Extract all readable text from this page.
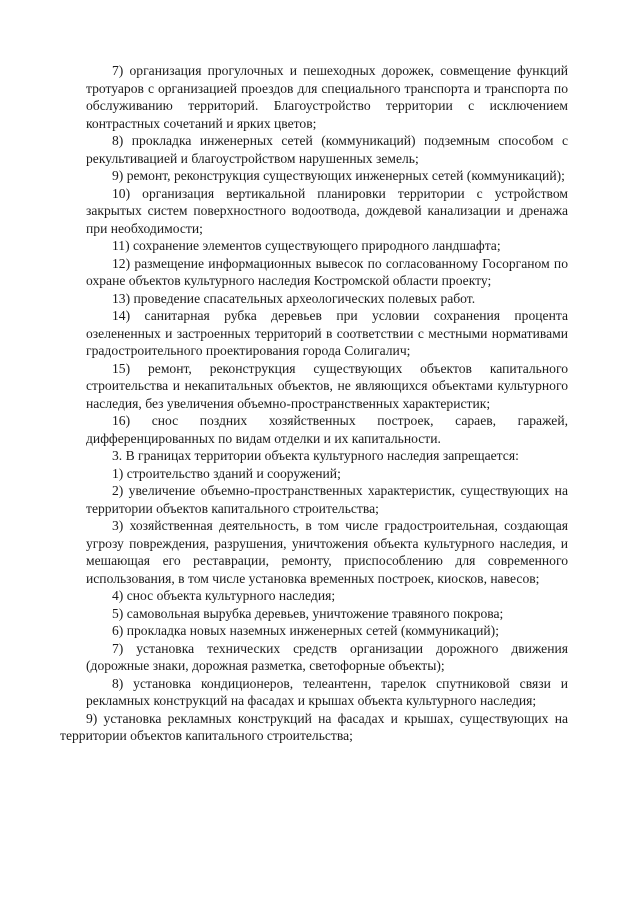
7) организация прогулочных и пешеходных дорожек, совмещение функций тротуаров с организацией проездов для специального транспорта и транспорта по обслуживанию территорий. Благоустройство территории с исключением контрастных сочетаний и ярких цветов;

8) прокладка инженерных сетей (коммуникаций) подземным способом с рекультивацией и благоустройством нарушенных земель;

9) ремонт, реконструкция существующих инженерных сетей (коммуникаций);

10) организация вертикальной планировки территории с устройством закрытых систем поверхностного водоотвода, дождевой канализации и дренажа при необходимости;

11) сохранение элементов существующего природного ландшафта;

12) размещение информационных вывесок по согласованному Госорганом по охране объектов культурного наследия Костромской области проекту;

13) проведение спасательных археологических полевых работ.

14) санитарная рубка деревьев при условии сохранения процента озелененных и застроенных территорий в соответствии с местными нормативами градостроительного проектирования города Солигалич;

15) ремонт, реконструкция существующих объектов капитального строительства и некапитальных объектов, не являющихся объектами культурного наследия, без увеличения объемно-пространственных характеристик;

16) снос поздних хозяйственных построек, сараев, гаражей, дифференцированных по видам отделки и их капитальности.

3. В границах территории объекта культурного наследия запрещается:

1) строительство зданий и сооружений;

2) увеличение объемно-пространственных характеристик, существующих на территории объектов капитального строительства;

3) хозяйственная деятельность, в том числе градостроительная, создающая угрозу повреждения, разрушения, уничтожения объекта культурного наследия, и мешающая его реставрации, ремонту, приспособлению для современного использования, в том числе установка временных построек, киосков, навесов;

4) снос объекта культурного наследия;

5) самовольная вырубка деревьев, уничтожение травяного покрова;

6) прокладка новых наземных инженерных сетей (коммуникаций);

7) установка технических средств организации дорожного движения (дорожные знаки, дорожная разметка, светофорные объекты);

8) установка кондиционеров, телеантенн, тарелок спутниковой связи и рекламных конструкций на фасадах и крышах объекта культурного наследия;

9) установка рекламных конструкций на фасадах и крышах, существующих на территории объектов капитального строительства;
